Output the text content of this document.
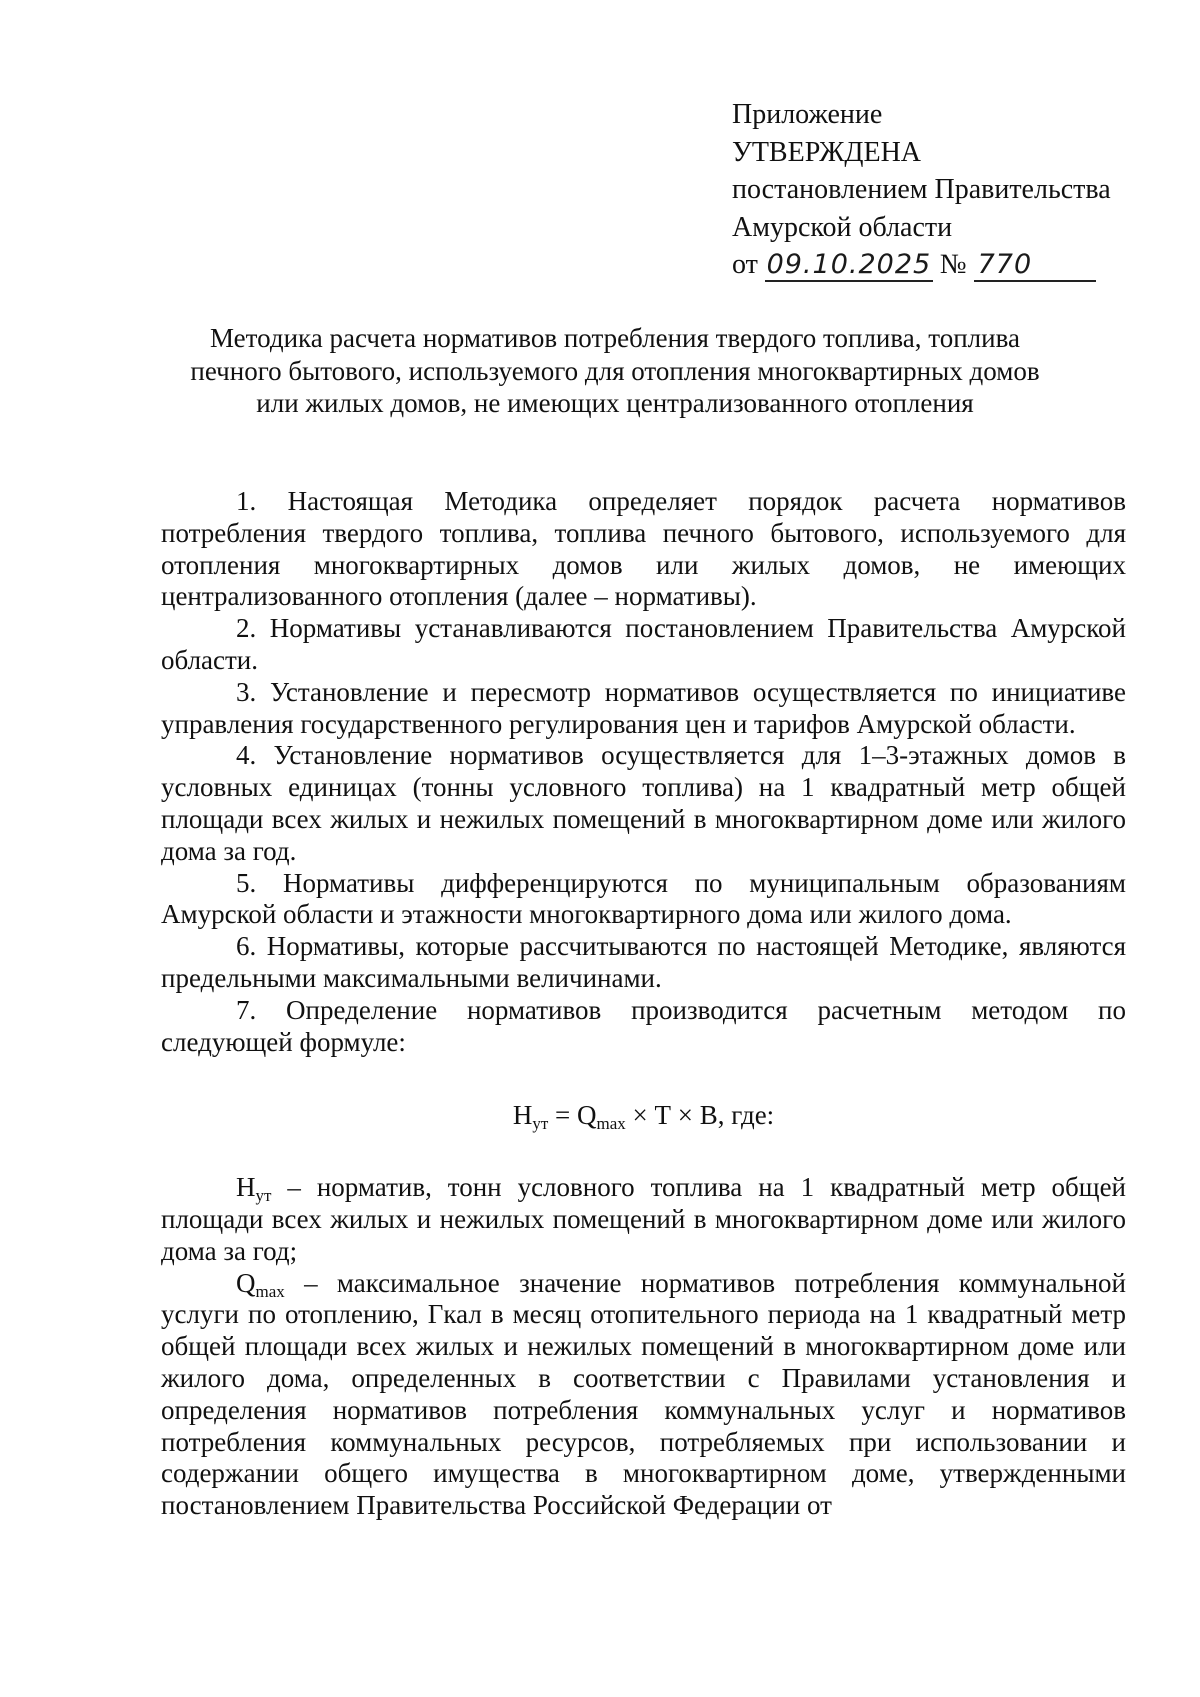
Приложение
УТВЕРЖДЕНА
постановлением Правительства
Амурской области
от 09.10.2025 № 770
Методика расчета нормативов потребления твердого топлива, топлива
печного бытового, используемого для отопления многоквартирных домов
или жилых домов, не имеющих централизованного отопления

1. Настоящая Методика определяет порядок расчета нормативов потребления твердого топлива, топлива печного бытового, используемого для отопления многоквартирных домов или жилых домов, не имеющих централизованного отопления (далее – нормативы).

2. Нормативы устанавливаются постановлением Правительства Амурской области.

3. Установление и пересмотр нормативов осуществляется по инициативе управления государственного регулирования цен и тарифов Амурской области.

4. Установление нормативов осуществляется для 1–3-этажных домов в условных единицах (тонны условного топлива) на 1 квадратный метр общей площади всех жилых и нежилых помещений в многоквартирном доме или жилого дома за год.

5. Нормативы дифференцируются по муниципальным образованиям Амурской области и этажности многоквартирного дома или жилого дома.

6. Нормативы, которые рассчитываются по настоящей Методике, являются предельными максимальными величинами.

7. Определение нормативов производится расчетным методом по следующей формуле:

$Н_{ут} = Q_{max} \times Т \times В$, где:

$Н_{ут}$ – норматив, тонн условного топлива на 1 квадратный метр общей площади всех жилых и нежилых помещений в многоквартирном доме или жилого дома за год;

$Q_{max}$ – максимальное значение нормативов потребления коммунальной услуги по отоплению, Гкал в месяц отопительного периода на 1 квадратный метр общей площади всех жилых и нежилых помещений в многоквартирном доме или жилого дома, определенных в соответствии с Правилами установления и определения нормативов потребления коммунальных услуг и нормативов потребления коммунальных ресурсов, потребляемых при использовании и содержании общего имущества в многоквартирном доме, утвержденными постановлением Правительства Российской Федерации от
